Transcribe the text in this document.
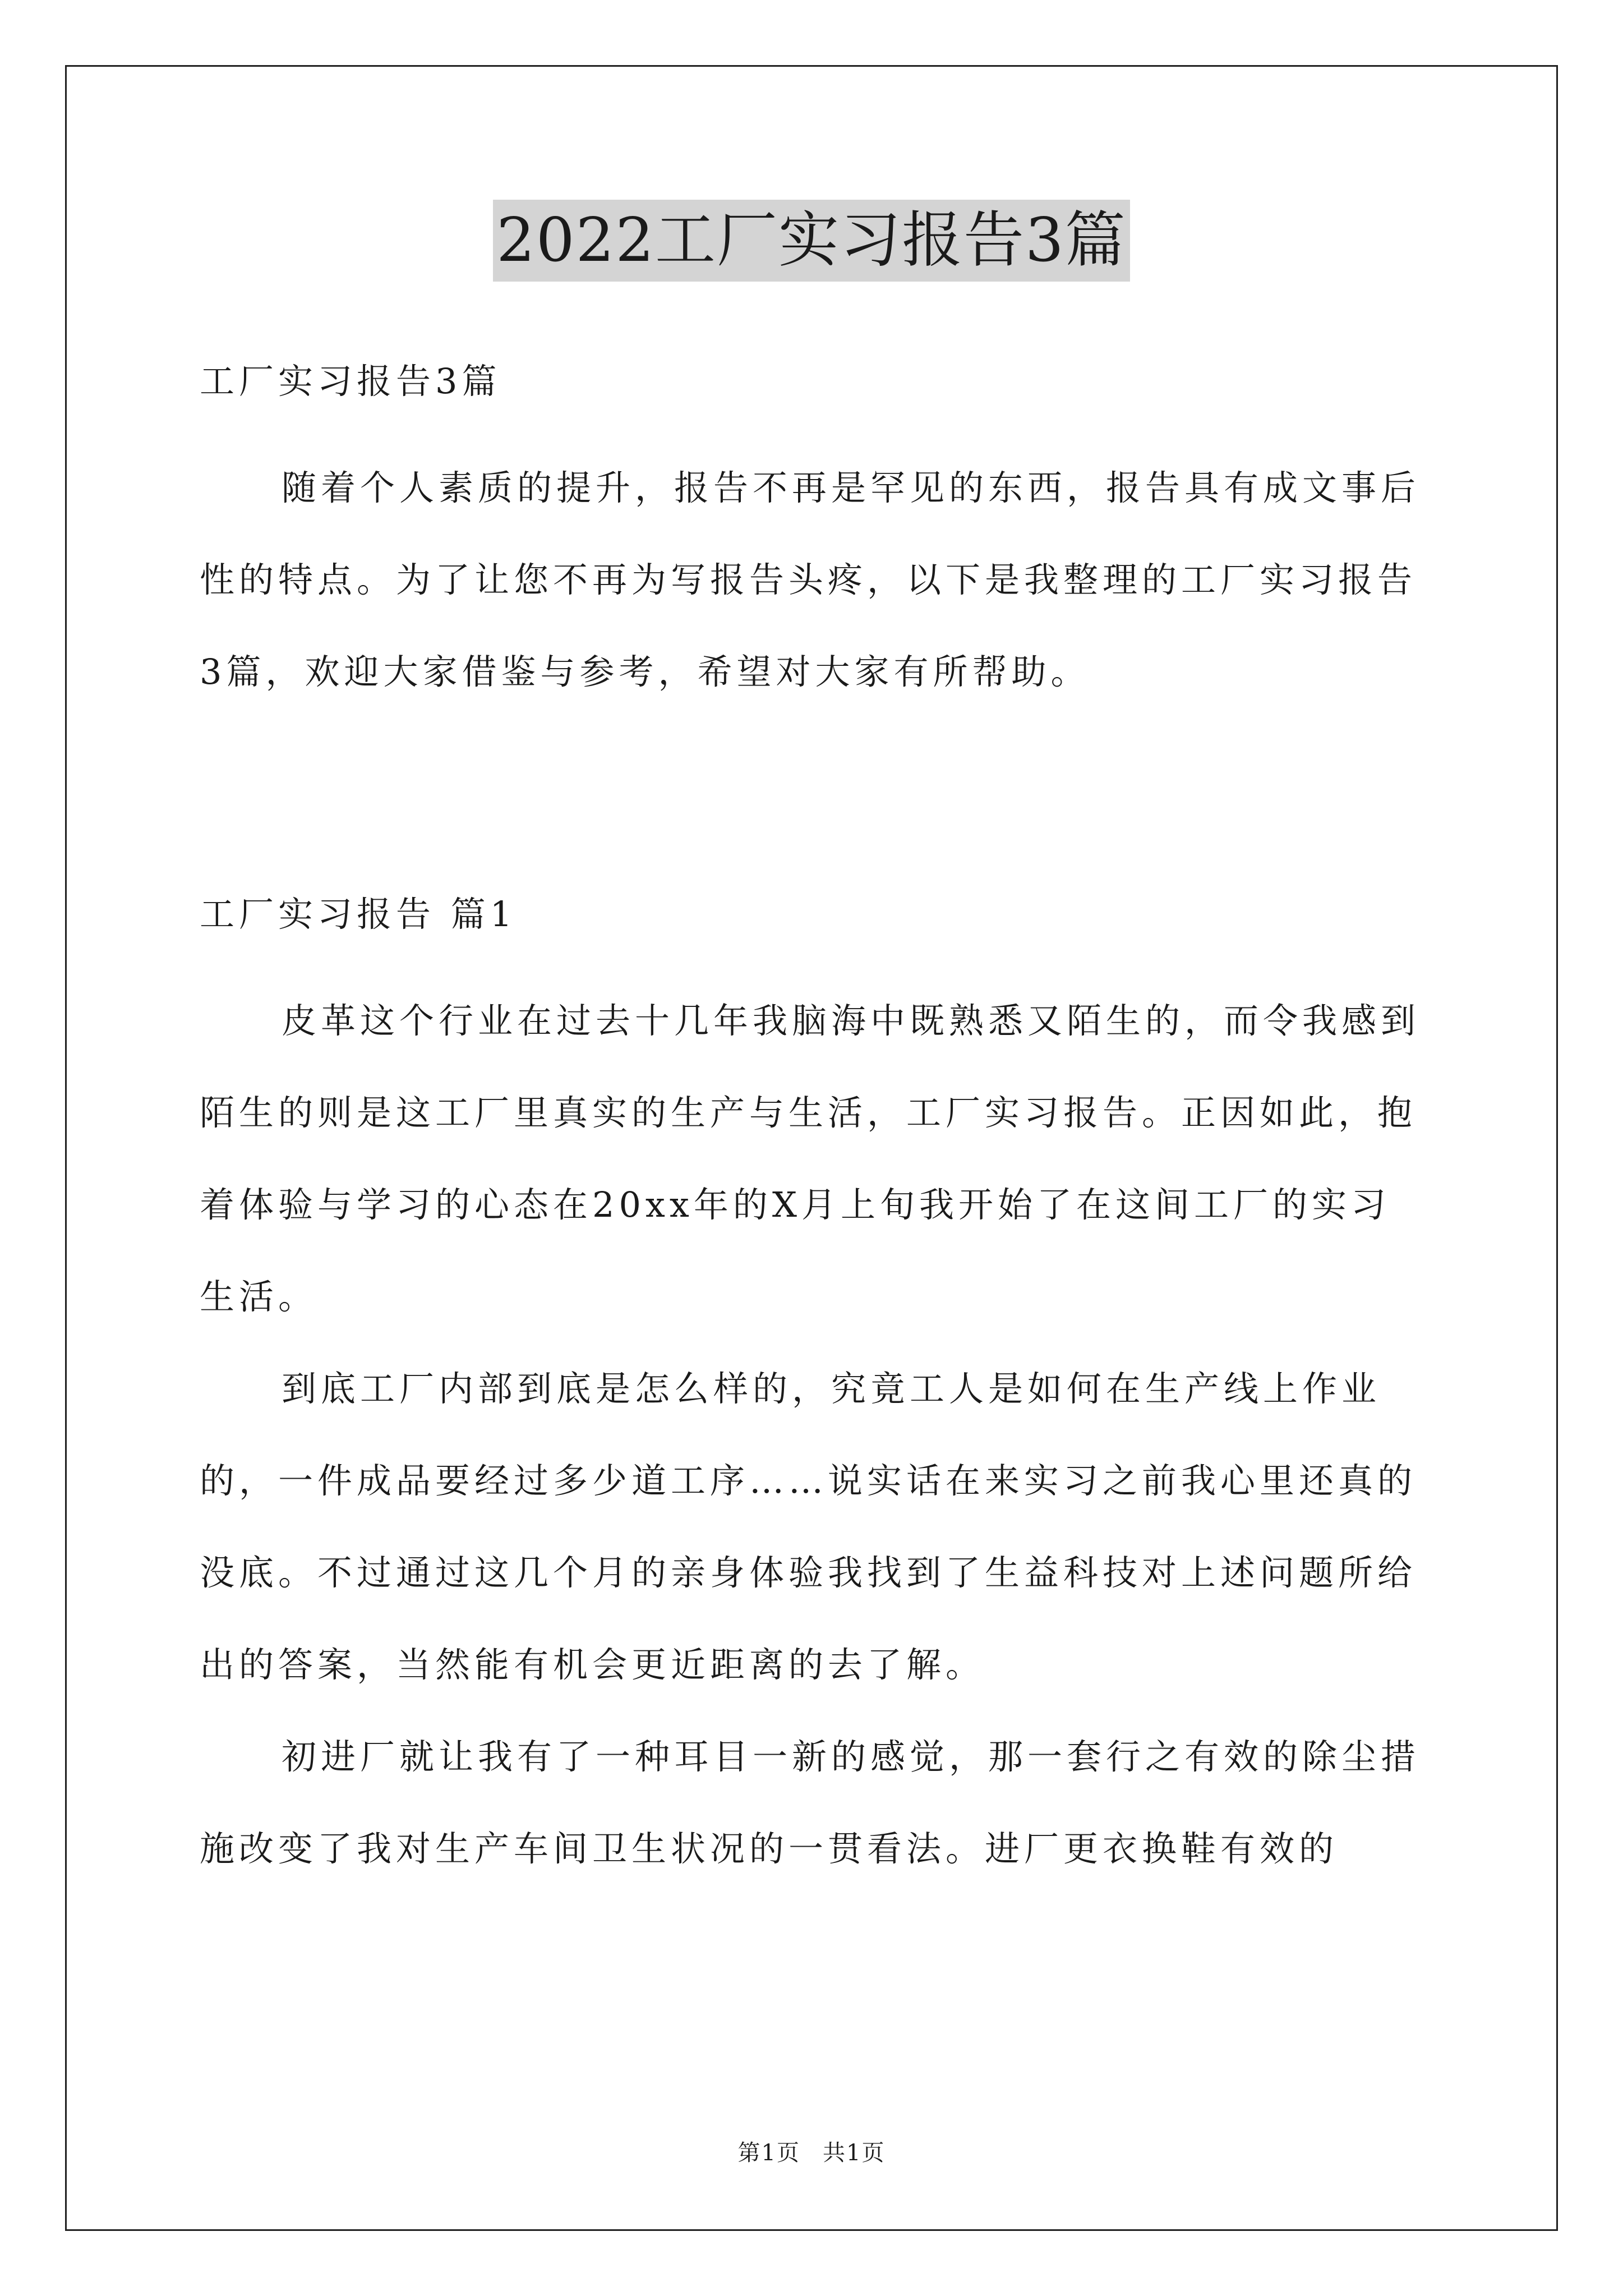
2022工厂实习报告3篇
工厂实习报告3篇

随着个人素质的提升，报告不再是罕见的东西，报告具有成文事后性的特点。为了让您不再为写报告头疼，以下是我整理的工厂实习报告3篇，欢迎大家借鉴与参考，希望对大家有所帮助。

工厂实习报告 篇1

皮革这个行业在过去十几年我脑海中既熟悉又陌生的，而令我感到陌生的则是这工厂里真实的生产与生活，工厂实习报告。正因如此，抱着体验与学习的心态在20xx年的X月上旬我开始了在这间工厂的实习生活。

到底工厂内部到底是怎么样的，究竟工人是如何在生产线上作业的，一件成品要经过多少道工序……说实话在来实习之前我心里还真的没底。不过通过这几个月的亲身体验我找到了生益科技对上述问题所给出的答案，当然能有机会更近距离的去了解。

初进厂就让我有了一种耳目一新的感觉，那一套行之有效的除尘措施改变了我对生产车间卫生状况的一贯看法。进厂更衣换鞋有效的

第1页 共1页
